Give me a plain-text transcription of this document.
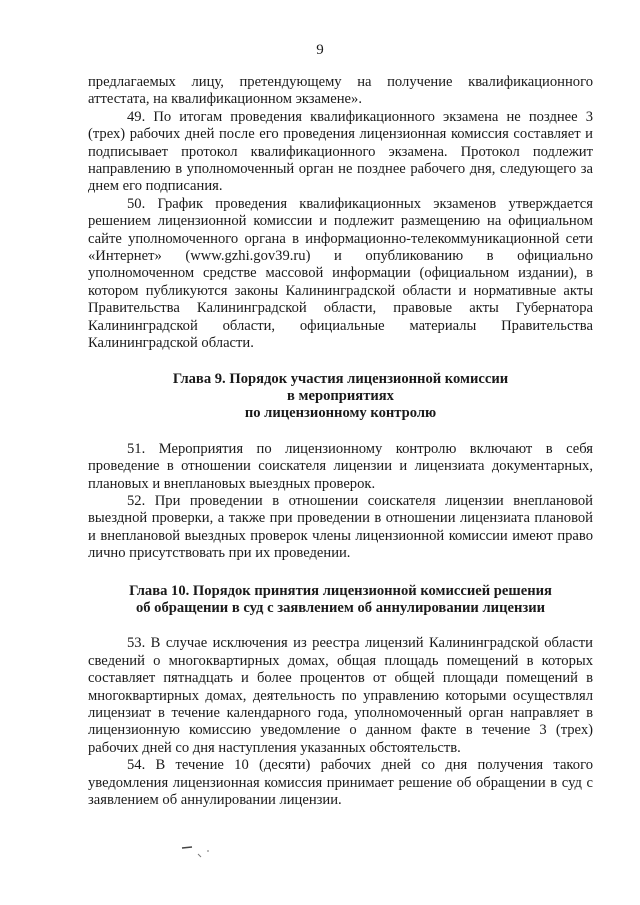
9

предлагаемых лицу, претендующему на получение квалификационного аттестата, на квалификационном экзамене».

49. По итогам проведения квалификационного экзамена не позднее 3 (трех) рабочих дней после его проведения лицензионная комиссия составляет и подписывает протокол квалификационного экзамена. Протокол подлежит направлению в уполномоченный орган не позднее рабочего дня, следующего за днем его подписания.

50. График проведения квалификационных экзаменов утверждается решением лицензионной комиссии и подлежит размещению на официальном сайте уполномоченного органа в информационно-телекоммуникационной сети «Интернет» (www.gzhi.gov39.ru) и опубликованию в официально уполномоченном средстве массовой информации (официальном издании), в котором публикуются законы Калининградской области и нормативные акты Правительства Калининградской области, правовые акты Губернатора Калининградской области, официальные материалы Правительства Калининградской области.

Глава 9. Порядок участия лицензионной комиссии
в мероприятиях
по лицензионному контролю

51. Мероприятия по лицензионному контролю включают в себя проведение в отношении соискателя лицензии и лицензиата документарных, плановых и внеплановых выездных проверок.

52. При проведении в отношении соискателя лицензии внеплановой выездной проверки, а также при проведении в отношении лицензиата плановой и внеплановой выездных проверок члены лицензионной комиссии имеют право лично присутствовать при их проведении.

Глава 10. Порядок принятия лицензионной комиссией решения
об обращении в суд с заявлением об аннулировании лицензии

53. В случае исключения из реестра лицензий Калининградской области сведений о многоквартирных домах, общая площадь помещений в которых составляет пятнадцать и более процентов от общей площади помещений в многоквартирных домах, деятельность по управлению которыми осуществлял лицензиат в течение календарного года, уполномоченный орган направляет в лицензионную комиссию уведомление о данном факте в течение 3 (трех) рабочих дней со дня наступления указанных обстоятельств.

54. В течение 10 (десяти) рабочих дней со дня получения такого уведомления лицензионная комиссия принимает решение об обращении в суд с заявлением об аннулировании лицензии.
